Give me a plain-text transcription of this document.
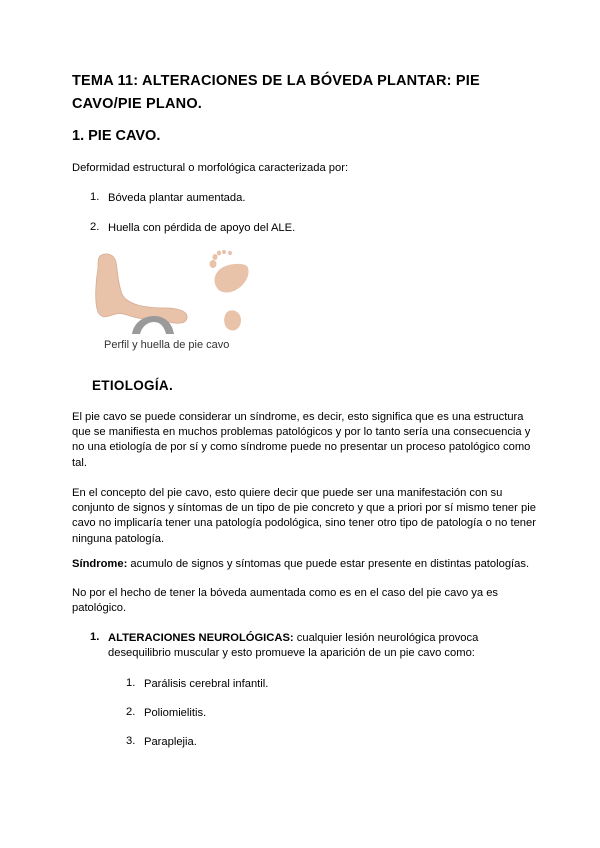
TEMA 11: ALTERACIONES DE LA BÓVEDA PLANTAR: PIE CAVO/PIE PLANO.
1. PIE CAVO.
Deformidad estructural o morfológica caracterizada por:
1. Bóveda plantar aumentada.
2. Huella con pérdida de apoyo del ALE.
Perfil y huella de pie cavo
ETIOLOGÍA.
El pie cavo se puede considerar un síndrome, es decir, esto significa que es una estructura que se manifiesta en muchos problemas patológicos y por lo tanto sería una consecuencia y no una etiología de por sí y como síndrome puede no presentar un proceso patológico como tal.
En el concepto del pie cavo, esto quiere decir que puede ser una manifestación con su conjunto de signos y síntomas de un tipo de pie concreto y que a priori por sí mismo tener pie cavo no implicaría tener una patología podológica, sino tener otro tipo de patología o no tener ninguna patología.
Síndrome: acumulo de signos y síntomas que puede estar presente en distintas patologías.
No por el hecho de tener la bóveda aumentada como es en el caso del pie cavo ya es patológico.
1. ALTERACIONES NEUROLÓGICAS: cualquier lesión neurológica provoca desequilibrio muscular y esto promueve la aparición de un pie cavo como:
1. Parálisis cerebral infantil.
2. Poliomielitis.
3. Paraplejia.
